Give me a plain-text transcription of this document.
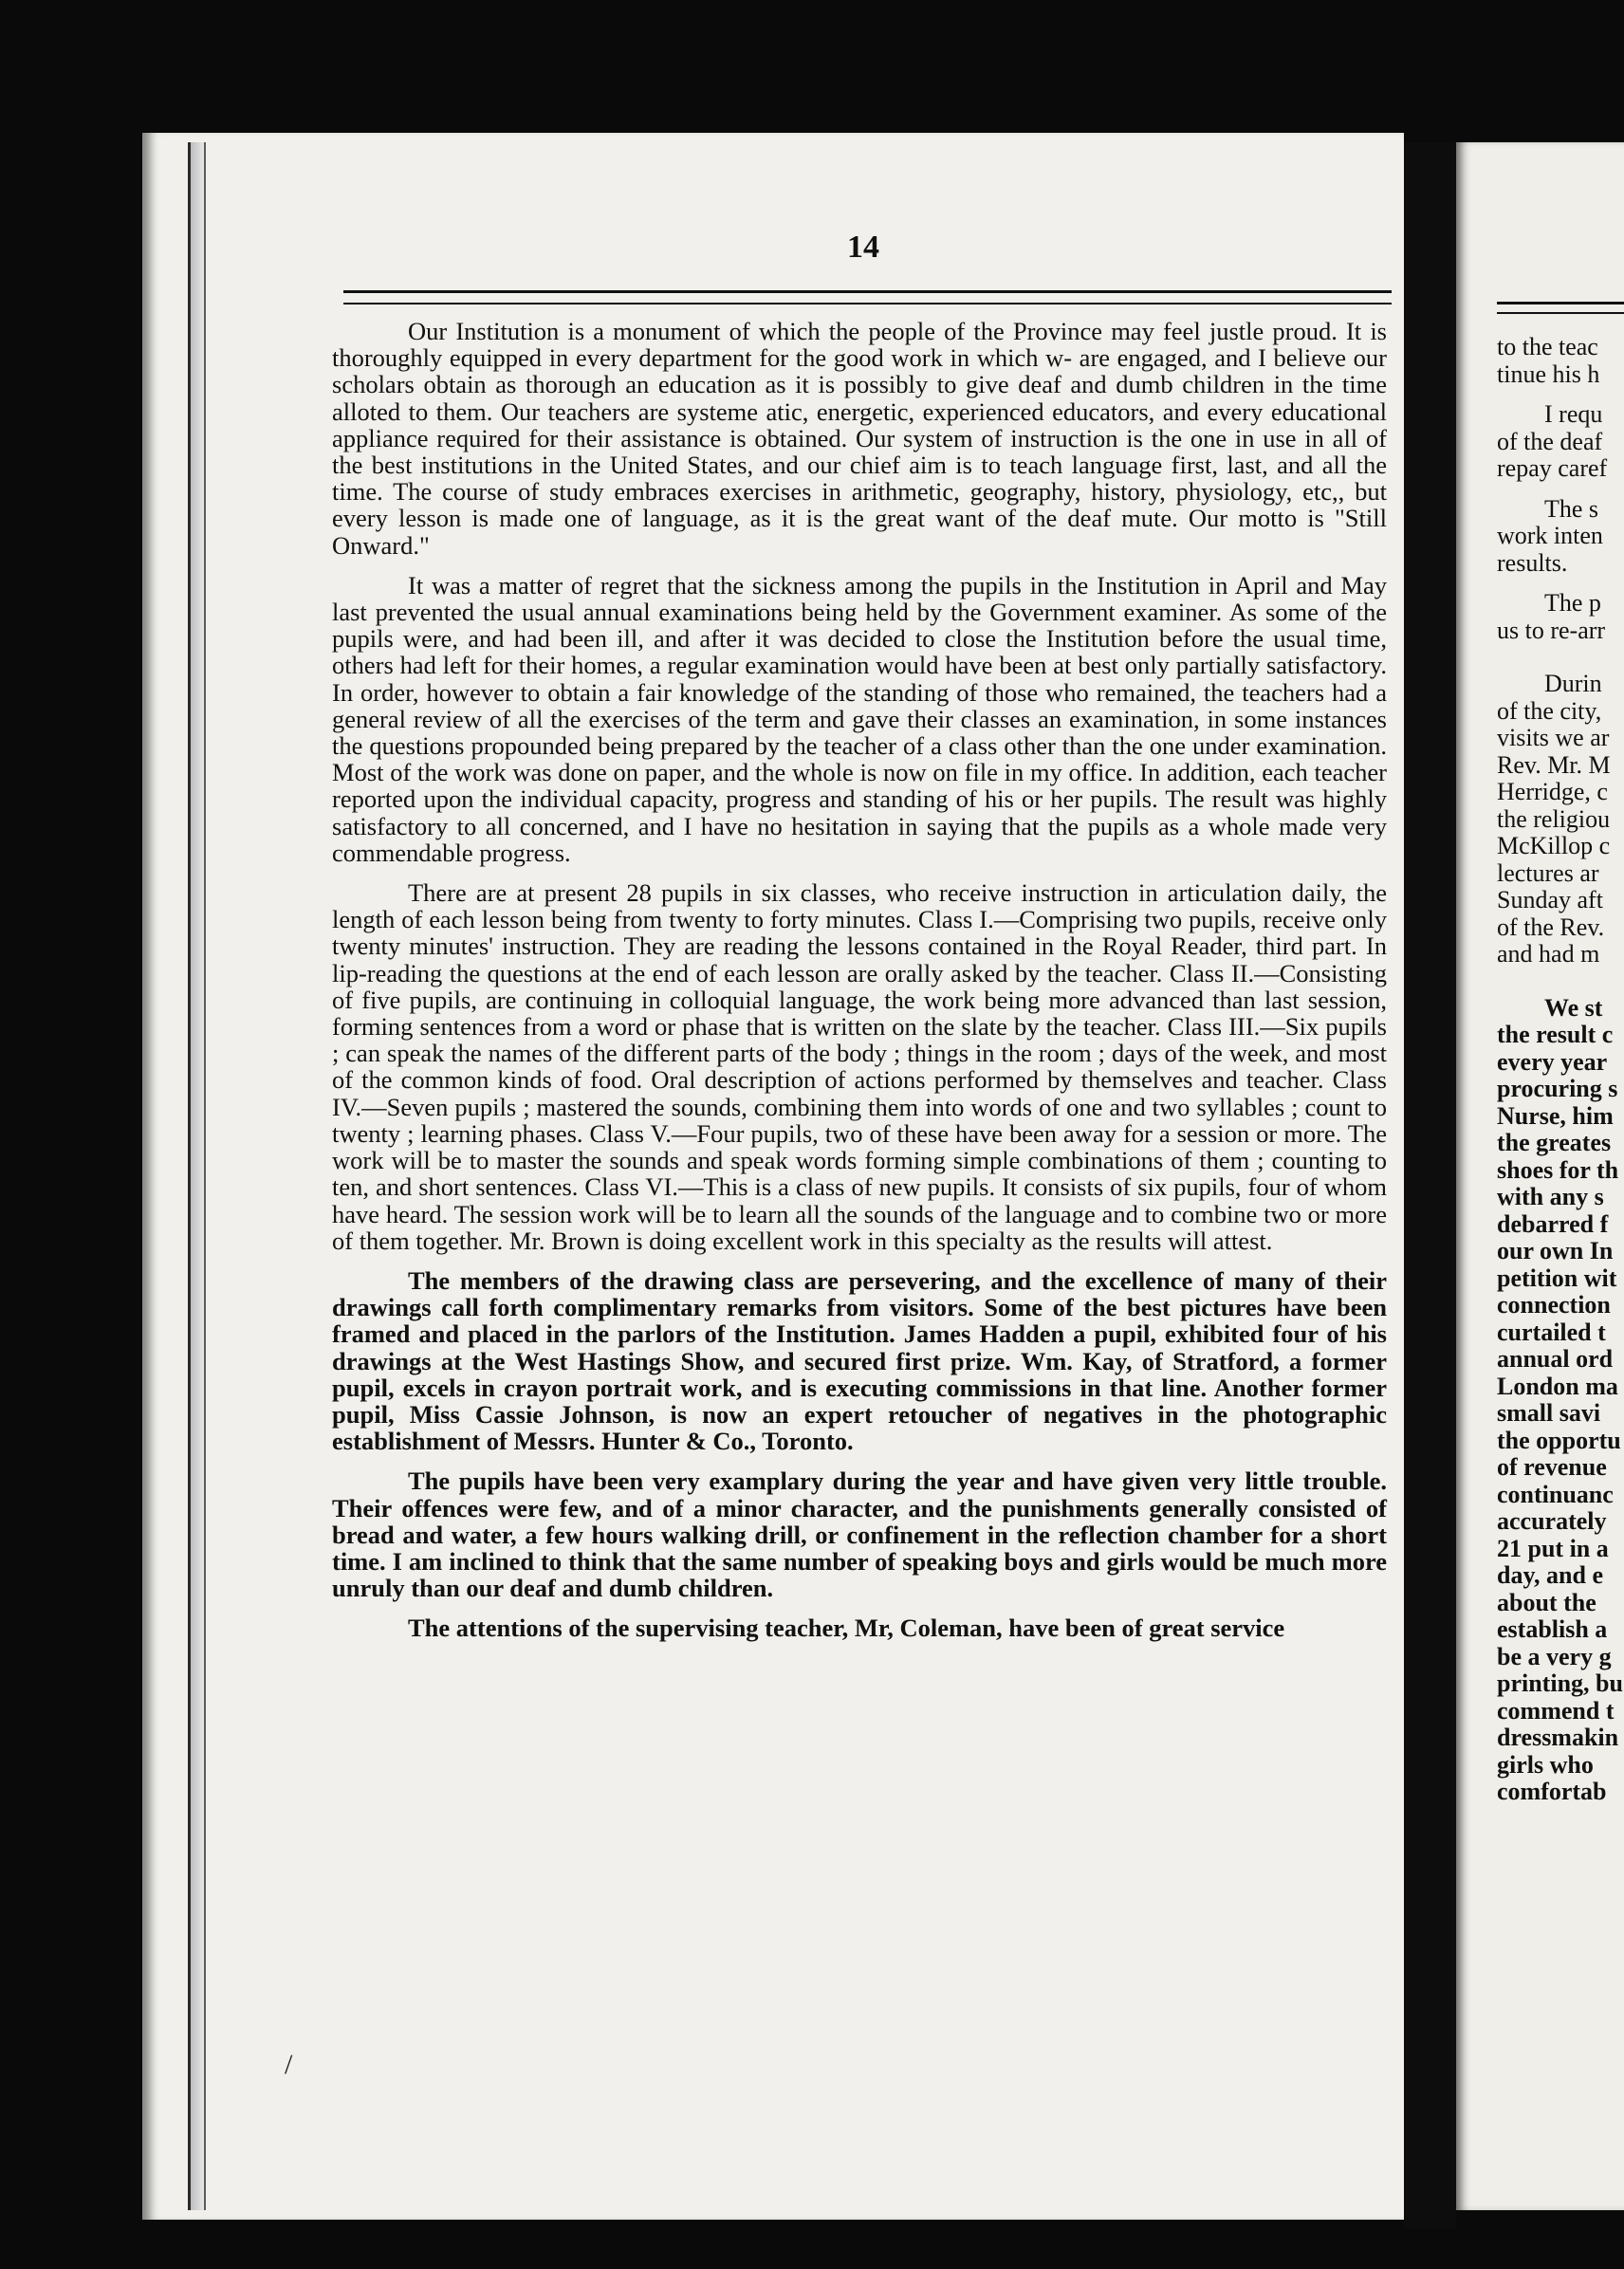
14

Our Institution is a monument of which the people of the Province may feel justle proud. It is thoroughly equipped in every department for the good work in which w- are engaged, and I believe our scholars obtain as thorough an education as it is possibly to give deaf and dumb children in the time alloted to them. Our teachers are systeme atic, energetic, experienced educators, and every educational appliance required for their assistance is obtained. Our system of instruction is the one in use in all of the best institutions in the United States, and our chief aim is to teach language first, last, and all the time. The course of study embraces exercises in arithmetic, geography, history, physiology, etc,, but every lesson is made one of language, as it is the great want of the deaf mute. Our motto is "Still Onward."

It was a matter of regret that the sickness among the pupils in the Institution in April and May last prevented the usual annual examinations being held by the Government examiner. As some of the pupils were, and had been ill, and after it was decided to close the Institution before the usual time, others had left for their homes, a regular examination would have been at best only partially satisfactory. In order, however to obtain a fair knowledge of the standing of those who remained, the teachers had a general review of all the exercises of the term and gave their classes an examination, in some instances the questions propounded being prepared by the teacher of a class other than the one under examination. Most of the work was done on paper, and the whole is now on file in my office. In addition, each teacher reported upon the individual capacity, progress and standing of his or her pupils. The result was highly satisfactory to all concerned, and I have no hesitation in saying that the pupils as a whole made very commendable progress.

There are at present 28 pupils in six classes, who receive instruction in articulation daily, the length of each lesson being from twenty to forty minutes. Class I.—Comprising two pupils, receive only twenty minutes' instruction. They are reading the lessons contained in the Royal Reader, third part. In lip-reading the questions at the end of each lesson are orally asked by the teacher. Class II.—Consisting of five pupils, are continuing in colloquial language, the work being more advanced than last session, forming sentences from a word or phase that is written on the slate by the teacher. Class III.—Six pupils ; can speak the names of the different parts of the body ; things in the room ; days of the week, and most of the common kinds of food. Oral description of actions performed by themselves and teacher. Class IV.—Seven pupils ; mastered the sounds, combining them into words of one and two syllables ; count to twenty ; learning phases. Class V.—Four pupils, two of these have been away for a session or more. The work will be to master the sounds and speak words forming simple combinations of them ; counting to ten, and short sentences. Class VI.—This is a class of new pupils. It consists of six pupils, four of whom have heard. The session work will be to learn all the sounds of the language and to combine two or more of them together. Mr. Brown is doing excellent work in this specialty as the results will attest.

The members of the drawing class are persevering, and the excellence of many of their drawings call forth complimentary remarks from visitors. Some of the best pictures have been framed and placed in the parlors of the Institution. James Hadden a pupil, exhibited four of his drawings at the West Hastings Show, and secured first prize. Wm. Kay, of Stratford, a former pupil, excels in crayon portrait work, and is executing commissions in that line. Another former pupil, Miss Cassie Johnson, is now an expert retoucher of negatives in the photographic establishment of Messrs. Hunter & Co., Toronto.

The pupils have been very examplary during the year and have given very little trouble. Their offences were few, and of a minor character, and the punishments generally consisted of bread and water, a few hours walking drill, or confinement in the reflection chamber for a short time. I am inclined to think that the same number of speaking boys and girls would be much more unruly than our deaf and dumb children.

The attentions of the supervising teacher, Mr, Coleman, have been of great service

/
to the teac
tinue his h
I requ
of the deaf
repay caref
The s
work inten
results.
The p
us to re-arr
Durin
of the city,
visits we ar
Rev. Mr. M
Herridge, c
the religiou
McKillop c
lectures ar
Sunday aft
of the Rev.
and had m
We st
the result c
every year
procuring s
Nurse, him
the greates
shoes for th
with any s
debarred f
our own In
petition wit
connection
curtailed t
annual ord
London ma
small savi
the opportu
of revenue
continuanc
accurately
21 put in a
day, and e
about the
establish a
be a very g
printing, bu
commend t
dressmakin
girls who
comfortab
